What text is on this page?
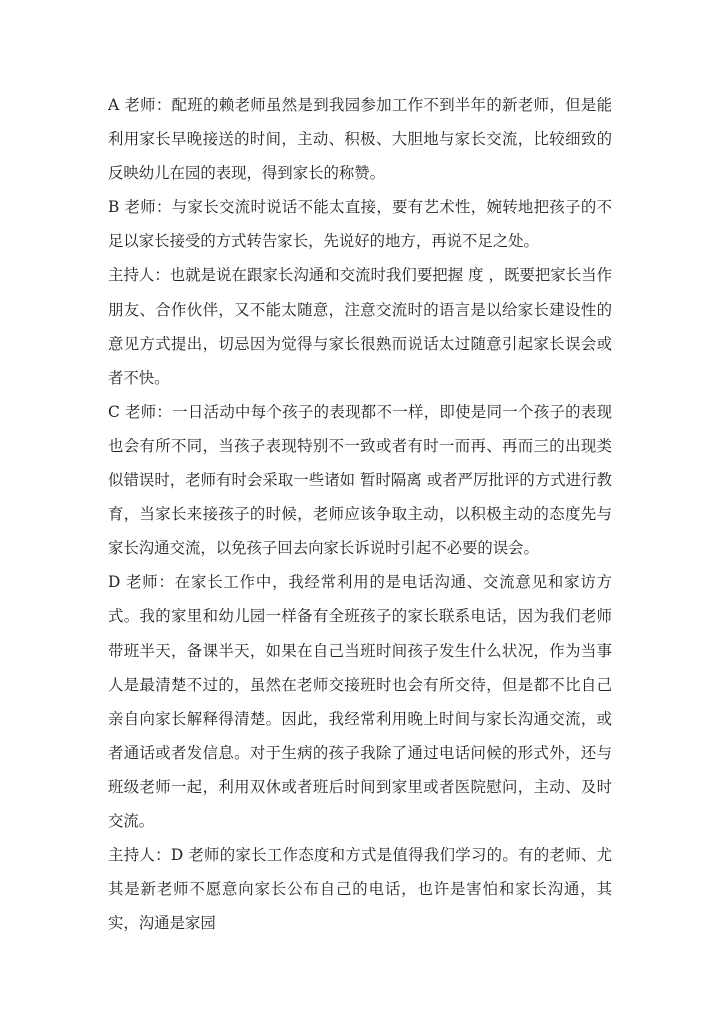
A 老师：配班的赖老师虽然是到我园参加工作不到半年的新老师，但是能利用家长早晚接送的时间，主动、积极、大胆地与家长交流，比较细致的反映幼儿在园的表现，得到家长的称赞。

B 老师：与家长交流时说话不能太直接，要有艺术性，婉转地把孩子的不足以家长接受的方式转告家长，先说好的地方，再说不足之处。

主持人：也就是说在跟家长沟通和交流时我们要把握 度 ，既要把家长当作朋友、合作伙伴，又不能太随意，注意交流时的语言是以给家长建设性的意见方式提出，切忌因为觉得与家长很熟而说话太过随意引起家长误会或者不快。

C 老师：一日活动中每个孩子的表现都不一样，即使是同一个孩子的表现也会有所不同，当孩子表现特别不一致或者有时一而再、再而三的出现类似错误时，老师有时会采取一些诸如 暂时隔离 或者严厉批评的方式进行教育，当家长来接孩子的时候，老师应该争取主动，以积极主动的态度先与家长沟通交流，以免孩子回去向家长诉说时引起不必要的误会。

D 老师：在家长工作中，我经常利用的是电话沟通、交流意见和家访方式。我的家里和幼儿园一样备有全班孩子的家长联系电话，因为我们老师带班半天，备课半天，如果在自己当班时间孩子发生什么状况，作为当事人是最清楚不过的，虽然在老师交接班时也会有所交待，但是都不比自己亲自向家长解释得清楚。因此，我经常利用晚上时间与家长沟通交流，或者通话或者发信息。对于生病的孩子我除了通过电话问候的形式外，还与班级老师一起，利用双休或者班后时间到家里或者医院慰问，主动、及时交流。

主持人：D 老师的家长工作态度和方式是值得我们学习的。有的老师、尤其是新老师不愿意向家长公布自己的电话，也许是害怕和家长沟通，其实，沟通是家园
